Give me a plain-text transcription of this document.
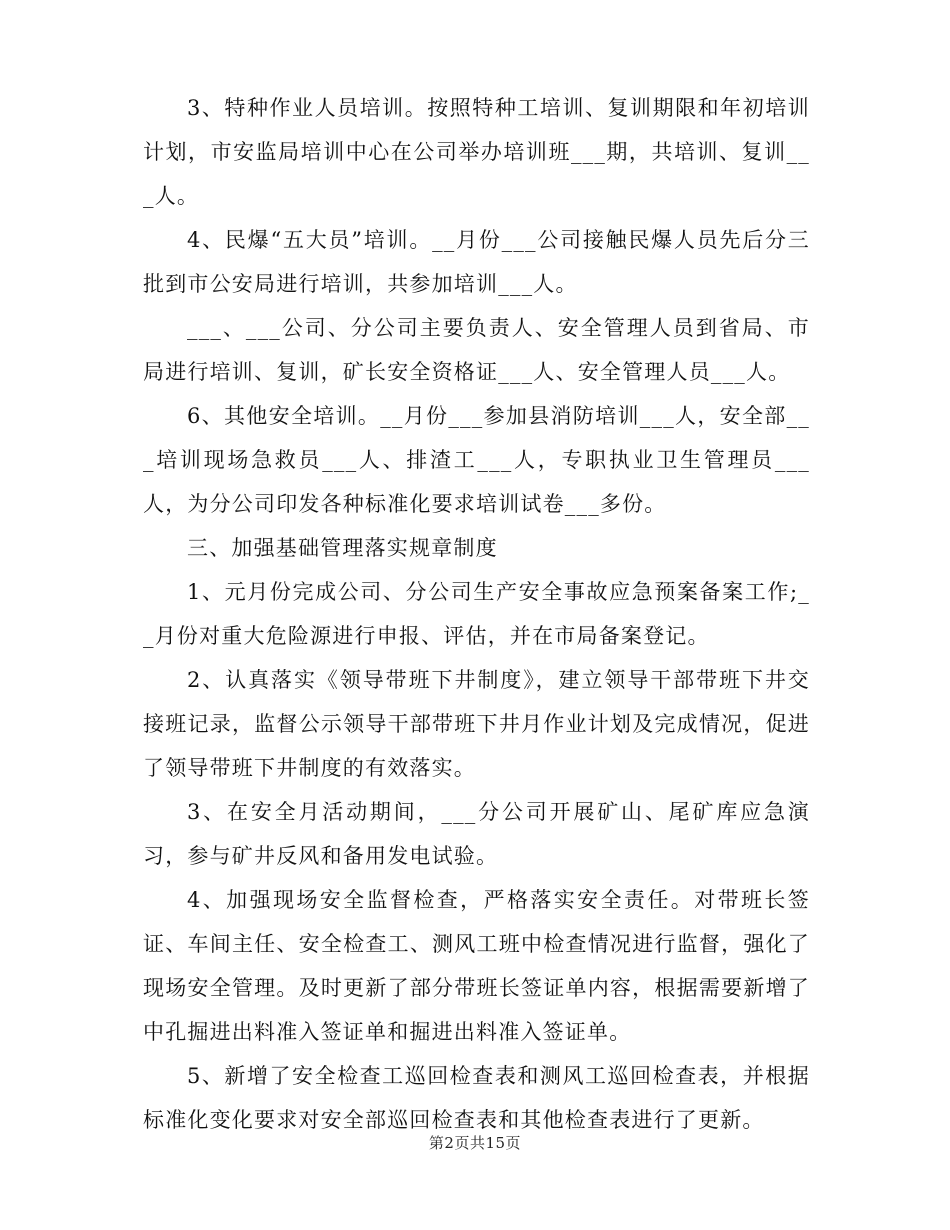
3、特种作业人员培训。按照特种工培训、复训期限和年初培训计划，市安监局培训中心在公司举办培训班___期，共培训、复训___人。

4、民爆“五大员”培训。__月份___公司接触民爆人员先后分三批到市公安局进行培训，共参加培训___人。

___、___公司、分公司主要负责人、安全管理人员到省局、市局进行培训、复训，矿长安全资格证___人、安全管理人员___人。

6、其他安全培训。__月份___参加县消防培训___人，安全部___培训现场急救员___人、排渣工___人，专职执业卫生管理员___人，为分公司印发各种标准化要求培训试卷___多份。

三、加强基础管理落实规章制度

1、元月份完成公司、分公司生产安全事故应急预案备案工作;__月份对重大危险源进行申报、评估，并在市局备案登记。

2、认真落实《领导带班下井制度》，建立领导干部带班下井交接班记录，监督公示领导干部带班下井月作业计划及完成情况，促进了领导带班下井制度的有效落实。

3、在安全月活动期间，___分公司开展矿山、尾矿库应急演习，参与矿井反风和备用发电试验。

4、加强现场安全监督检查，严格落实安全责任。对带班长签证、车间主任、安全检查工、测风工班中检查情况进行监督，强化了现场安全管理。及时更新了部分带班长签证单内容，根据需要新增了中孔掘进出料准入签证单和掘进出料准入签证单。

5、新增了安全检查工巡回检查表和测风工巡回检查表，并根据标准化变化要求对安全部巡回检查表和其他检查表进行了更新。

第2页共15页
